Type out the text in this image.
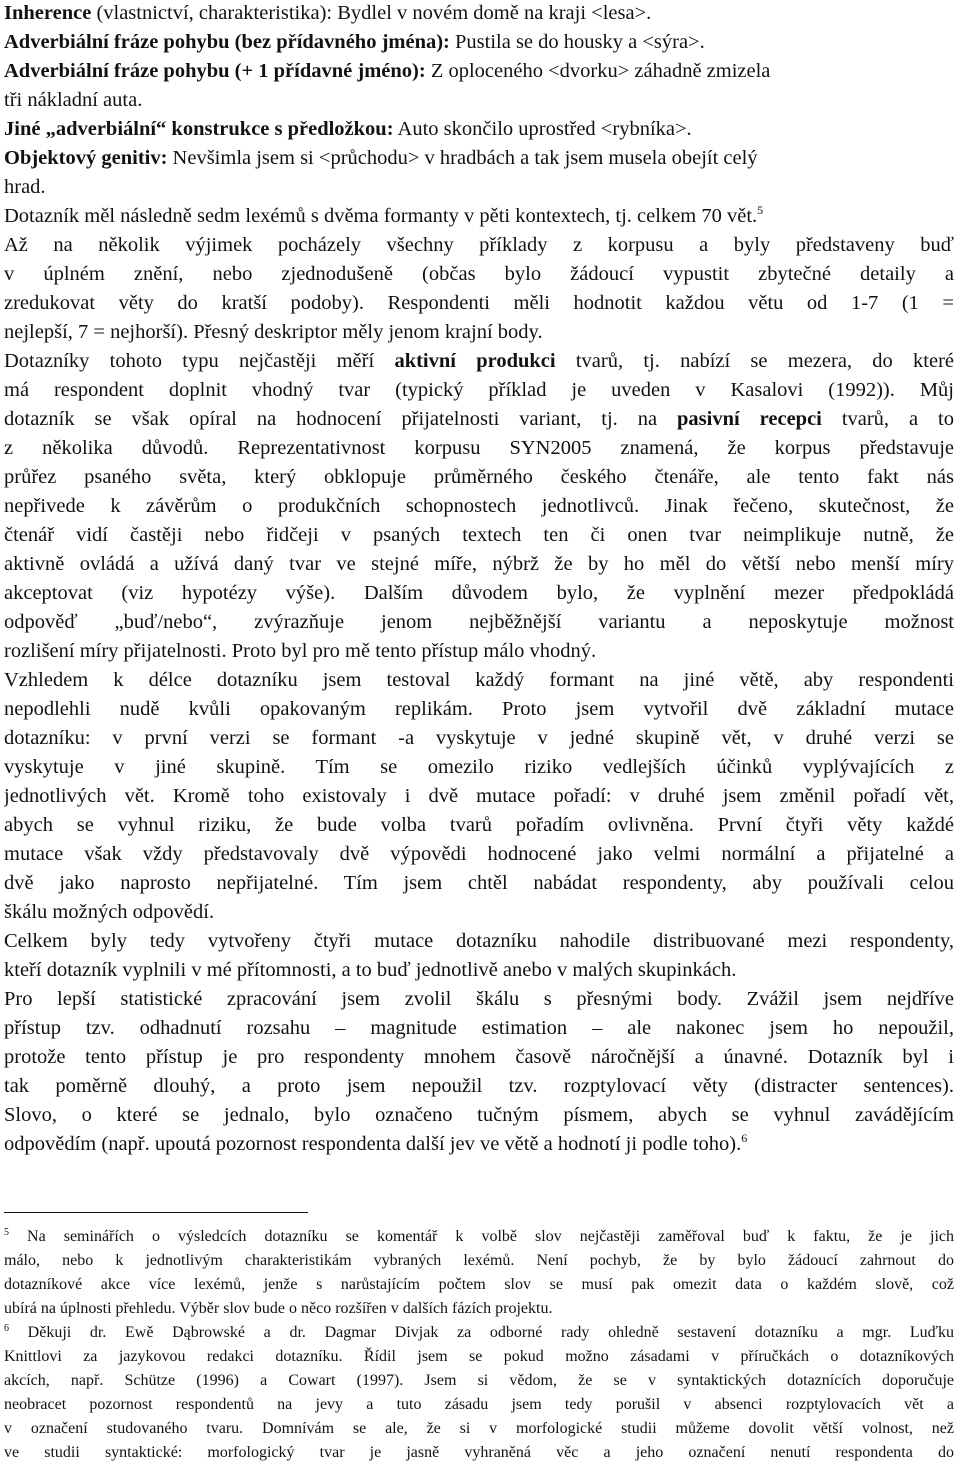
Inherence (vlastnictví, charakteristika): Bydlel v novém domě na kraji <lesa>.
Adverbiální fráze pohybu (bez přídavného jména): Pustila se do housky a <sýra>.
Adverbiální fráze pohybu (+ 1 přídavné jméno): Z oploceného <dvorku> záhadně zmizela
tři nákladní auta.
Jiné „adverbiální“ konstrukce s předložkou: Auto skončilo uprostřed <rybníka>.
Objektový genitiv: Nevšimla jsem si <průchodu> v hradbách a tak jsem musela obejít celý
hrad.
Dotazník měl následně sedm lexémů s dvěma formanty v pěti kontextech, tj. celkem 70 vět.$^5$
Až na několik výjimek pocházely všechny příklady z korpusu a byly představeny buď
v úplném znění, nebo zjednodušeně (občas bylo žádoucí vypustit zbytečné detaily a
zredukovat věty do kratší podoby). Respondenti měli hodnotit každou větu od 1-7 (1 =
nejlepší, 7 = nejhorší). Přesný deskriptor měly jenom krajní body.
Dotazníky tohoto typu nejčastěji měří aktivní produkci tvarů, tj. nabízí se mezera, do které
má respondent doplnit vhodný tvar (typický příklad je uveden v Kasalovi (1992)). Můj
dotazník se však opíral na hodnocení přijatelnosti variant, tj. na pasivní recepci tvarů, a to
z několika důvodů. Reprezentativnost korpusu SYN2005 znamená, že korpus představuje
průřez psaného světa, který obklopuje průměrného českého čtenáře, ale tento fakt nás
nepřivede k závěrům o produkčních schopnostech jednotlivců. Jinak řečeno, skutečnost, že
čtenář vidí častěji nebo řidčeji v psaných textech ten či onen tvar neimplikuje nutně, že
aktivně ovládá a užívá daný tvar ve stejné míře, nýbrž že by ho měl do větší nebo menší míry
akceptovat (viz hypotézy výše). Dalším důvodem bylo, že vyplnění mezer předpokládá
odpověď „buď/nebo“, zvýrazňuje jenom nejběžnější variantu a neposkytuje možnost
rozlišení míry přijatelnosti. Proto byl pro mě tento přístup málo vhodný.
Vzhledem k délce dotazníku jsem testoval každý formant na jiné větě, aby respondenti
nepodlehli nudě kvůli opakovaným replikám. Proto jsem vytvořil dvě základní mutace
dotazníku: v první verzi se formant -a vyskytuje v jedné skupině vět, v druhé verzi se
vyskytuje v jiné skupině. Tím se omezilo riziko vedlejších účinků vyplývajících z
jednotlivých vět. Kromě toho existovaly i dvě mutace pořadí: v druhé jsem změnil pořadí vět,
abych se vyhnul riziku, že bude volba tvarů pořadím ovlivněna. První čtyři věty každé
mutace však vždy představovaly dvě výpovědi hodnocené jako velmi normální a přijatelné a
dvě jako naprosto nepřijatelné. Tím jsem chtěl nabádat respondenty, aby používali celou
škálu možných odpovědí.
Celkem byly tedy vytvořeny čtyři mutace dotazníku nahodile distribuované mezi respondenty,
kteří dotazník vyplnili v mé přítomnosti, a to buď jednotlivě anebo v malých skupinkách.
Pro lepší statistické zpracování jsem zvolil škálu s přesnými body. Zvážil jsem nejdříve
přístup tzv. odhadnutí rozsahu – magnitude estimation – ale nakonec jsem ho nepoužil,
protože tento přístup je pro respondenty mnohem časově náročnější a únavné. Dotazník byl i
tak poměrně dlouhý, a proto jsem nepoužil tzv. rozptylovací věty (distracter sentences).
Slovo, o které se jednalo, bylo označeno tučným písmem, abych se vyhnul zavádějícím
odpovědím (např. upoutá pozornost respondenta další jev ve větě a hodnotí ji podle toho).$^6$
$^5$ Na seminářích o výsledcích dotazníku se komentář k volbě slov nejčastěji zaměřoval buď k faktu, že je jich
málo, nebo k jednotlivým charakteristikám vybraných lexémů. Není pochyb, že by bylo žádoucí zahrnout do
dotazníkové akce více lexémů, jenže s narůstajícím počtem slov se musí pak omezit data o každém slově, což
ubírá na úplnosti přehledu. Výběr slov bude o něco rozšířen v dalších fázích projektu.
$^6$ Děkuji dr. Ewě Dąbrowské a dr. Dagmar Divjak za odborné rady ohledně sestavení dotazníku a mgr. Luďku
Knittlovi za jazykovou redakci dotazníku. Řídil jsem se pokud možno zásadami v příručkách o dotazníkových
akcích, např. Schütze (1996) a Cowart (1997). Jsem si vědom, že se v syntaktických dotaznících doporučuje
neobracet pozornost respondentů na jevy a tuto zásadu jsem tedy porušil v absenci rozptylovacích vět a
v označení studovaného tvaru. Domnívám se ale, že si v morfologické studii můžeme dovolit větší volnost, než
ve studii syntaktické: morfologický tvar je jasně vyhraněná věc a jeho označení nenutí respondenta do
